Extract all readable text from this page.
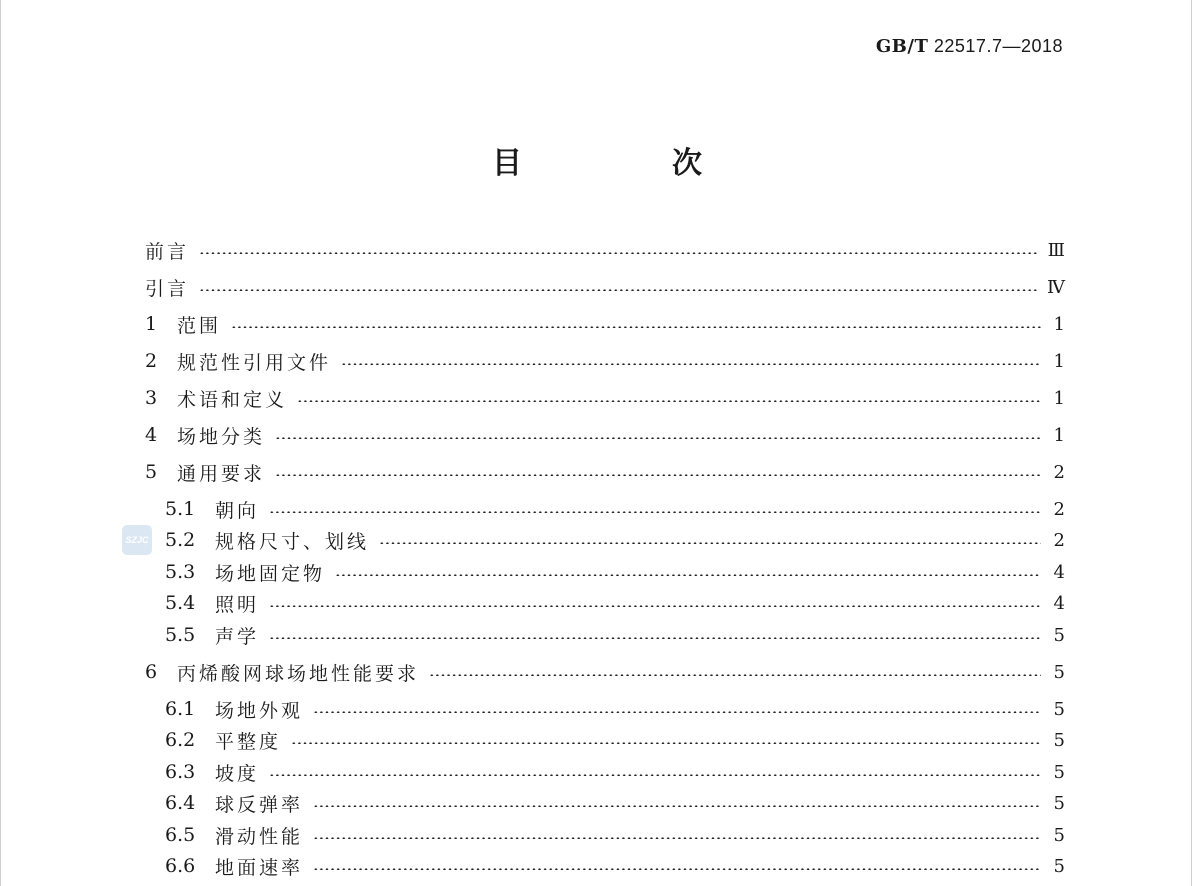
GB/T 22517.7—2018
目　次
SZJC
前言	Ⅲ
引言	Ⅳ
1	范围	1
2	规范性引用文件	1
3	术语和定义	1
4	场地分类	1
5	通用要求	2
5.1	朝向	2
5.2	规格尺寸、划线	2
5.3	场地固定物	4
5.4	照明	4
5.5	声学	5
6	丙烯酸网球场地性能要求	5
6.1	场地外观	5
6.2	平整度	5
6.3	坡度	5
6.4	球反弹率	5
6.5	滑动性能	5
6.6	地面速率	5
